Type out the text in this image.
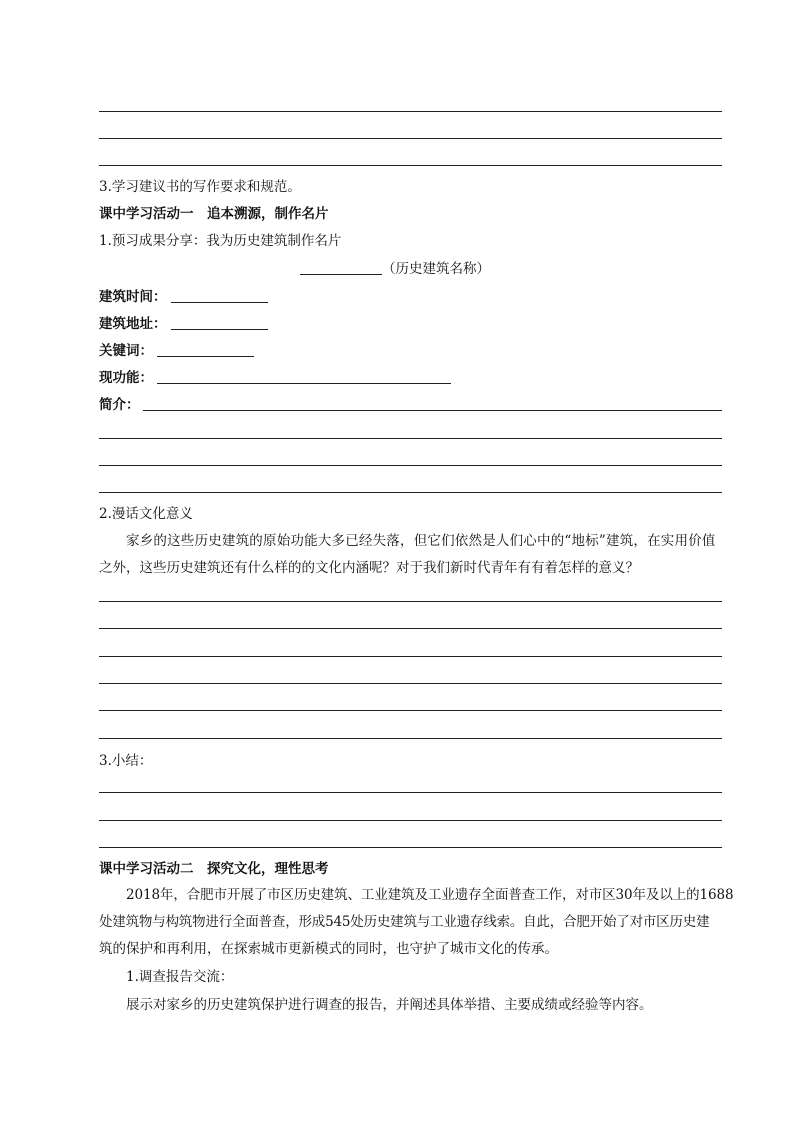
3.学习建议书的写作要求和规范。
课中学习活动一　追本溯源，制作名片
1.预习成果分享：我为历史建筑制作名片
（历史建筑名称）
建筑时间：
建筑地址：
关键词：
现功能：
简介：
2.漫话文化意义
家乡的这些历史建筑的原始功能大多已经失落，但它们依然是人们心中的“地标”建筑，在实用价值
之外，这些历史建筑还有什么样的的文化内涵呢？对于我们新时代青年有有着怎样的意义？
3.小结：
课中学习活动二　探究文化，理性思考
2018年，合肥市开展了市区历史建筑、工业建筑及工业遗存全面普查工作，对市区30年及以上的1688
处建筑物与构筑物进行全面普查，形成545处历史建筑与工业遗存线索。自此，合肥开始了对市区历史建
筑的保护和再利用，在探索城市更新模式的同时，也守护了城市文化的传承。
1.调查报告交流：
展示对家乡的历史建筑保护进行调查的报告，并阐述具体举措、主要成绩或经验等内容。
